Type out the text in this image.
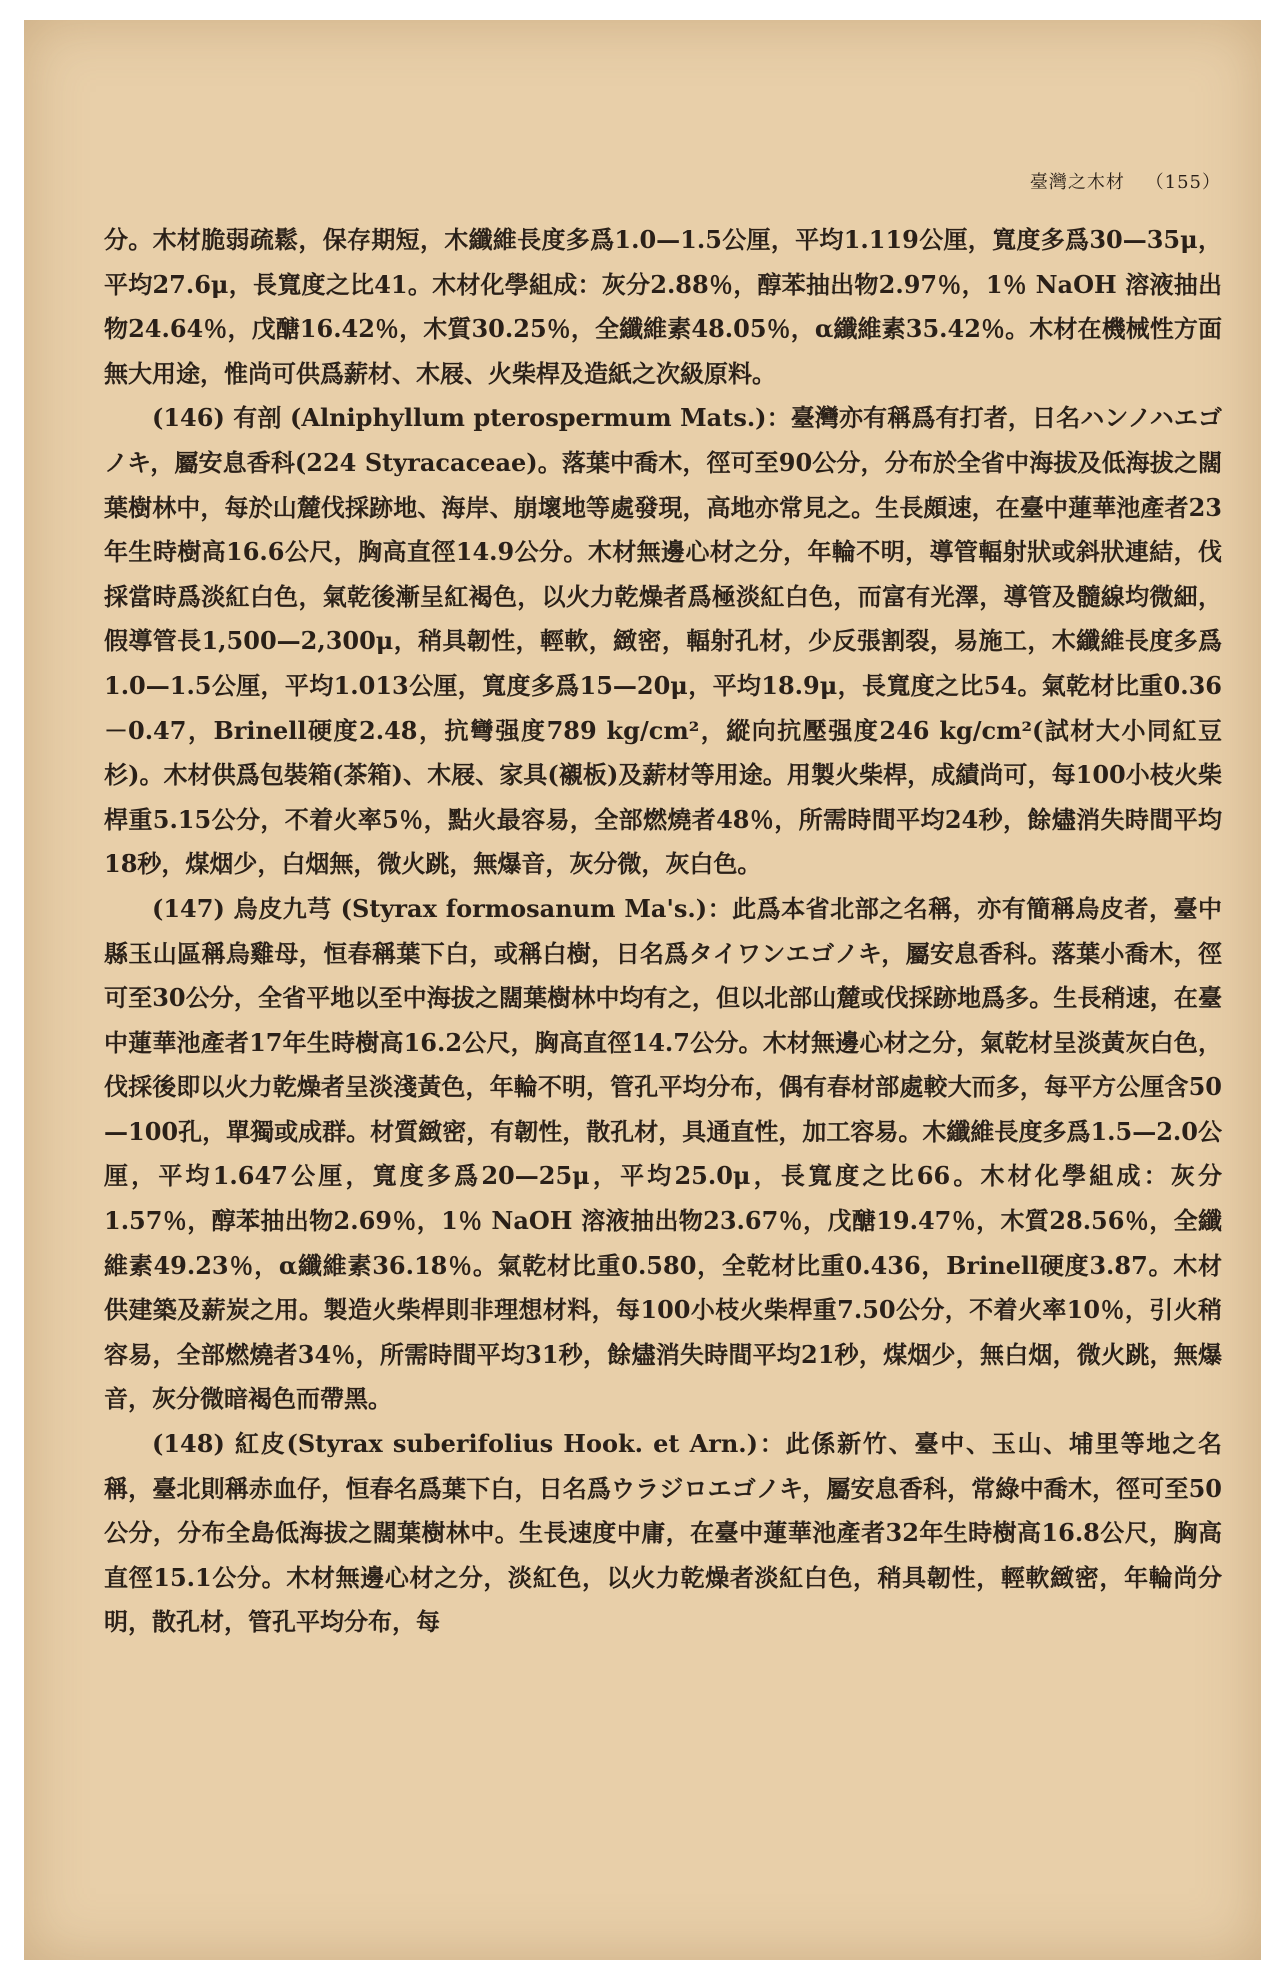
臺灣之木材 （155）

分。木材脆弱疏鬆，保存期短，木纖維長度多爲1.0—1.5公厘，平均1.119公厘，寬度多爲30—35μ，平均27.6μ，長寬度之比41。木材化學組成：灰分2.88％，醇苯抽出物2.97％，1％ NaOH 溶液抽出物24.64％，戊醣16.42％，木質30.25％，全纖維素48.05％，α纖維素35.42％。木材在機械性方面無大用途，惟尚可供爲薪材、木屐、火柴桿及造紙之次級原料。

(146) 有剖 (Alniphyllum pterospermum Mats.)：臺灣亦有稱爲有打者，日名ハンノハエゴノキ，屬安息香科(224 Styracaceae)。落葉中喬木，徑可至90公分，分布於全省中海拔及低海拔之闊葉樹林中，每於山麓伐採跡地、海岸、崩壞地等處發現，高地亦常見之。生長頗速，在臺中蓮華池產者23年生時樹高16.6公尺，胸高直徑14.9公分。木材無邊心材之分，年輪不明，導管輻射狀或斜狀連結，伐採當時爲淡紅白色，氣乾後漸呈紅褐色，以火力乾燥者爲極淡紅白色，而富有光澤，導管及髓線均微細，假導管長1,500—2,300μ，稍具韌性，輕軟，緻密，輻射孔材，少反張割裂，易施工，木纖維長度多爲1.0—1.5公厘，平均1.013公厘，寬度多爲15—20μ，平均18.9μ，長寬度之比54。氣乾材比重0.36－0.47，Brinell硬度2.48，抗彎强度789 kg/cm²，縱向抗壓强度246 kg/cm²(試材大小同紅豆杉)。木材供爲包裝箱(茶箱)、木屐、家具(襯板)及薪材等用途。用製火柴桿，成績尚可，每100小枝火柴桿重5.15公分，不着火率5％，點火最容易，全部燃燒者48％，所需時間平均24秒，餘燼消失時間平均18秒，煤烟少，白烟無，微火跳，無爆音，灰分微，灰白色。

(147) 烏皮九芎 (Styrax formosanum Ma's.)：此爲本省北部之名稱，亦有簡稱烏皮者，臺中縣玉山區稱烏雞母，恒春稱葉下白，或稱白樹，日名爲タイワンエゴノキ，屬安息香科。落葉小喬木，徑可至30公分，全省平地以至中海拔之闊葉樹林中均有之，但以北部山麓或伐採跡地爲多。生長稍速，在臺中蓮華池產者17年生時樹高16.2公尺，胸高直徑14.7公分。木材無邊心材之分，氣乾材呈淡黃灰白色，伐採後即以火力乾燥者呈淡淺黃色，年輪不明，管孔平均分布，偶有春材部處較大而多，每平方公厘含50—100孔，單獨或成群。材質緻密，有韌性，散孔材，具通直性，加工容易。木纖維長度多爲1.5—2.0公厘，平均1.647公厘，寬度多爲20—25μ，平均25.0μ，長寬度之比66。木材化學組成：灰分1.57％，醇苯抽出物2.69％，1％ NaOH 溶液抽出物23.67％，戊醣19.47％，木質28.56％，全纖維素49.23％，α纖維素36.18％。氣乾材比重0.580，全乾材比重0.436，Brinell硬度3.87。木材供建築及薪炭之用。製造火柴桿則非理想材料，每100小枝火柴桿重7.50公分，不着火率10％，引火稍容易，全部燃燒者34％，所需時間平均31秒，餘燼消失時間平均21秒，煤烟少，無白烟，微火跳，無爆音，灰分微暗褐色而帶黑。

(148) 紅皮(Styrax suberifolius Hook. et Arn.)：此係新竹、臺中、玉山、埔里等地之名稱，臺北則稱赤血仔，恒春名爲葉下白，日名爲ウラジロエゴノキ，屬安息香科，常綠中喬木，徑可至50公分，分布全島低海拔之闊葉樹林中。生長速度中庸，在臺中蓮華池產者32年生時樹高16.8公尺，胸高直徑15.1公分。木材無邊心材之分，淡紅色，以火力乾燥者淡紅白色，稍具韌性，輕軟緻密，年輪尚分明，散孔材，管孔平均分布，每
